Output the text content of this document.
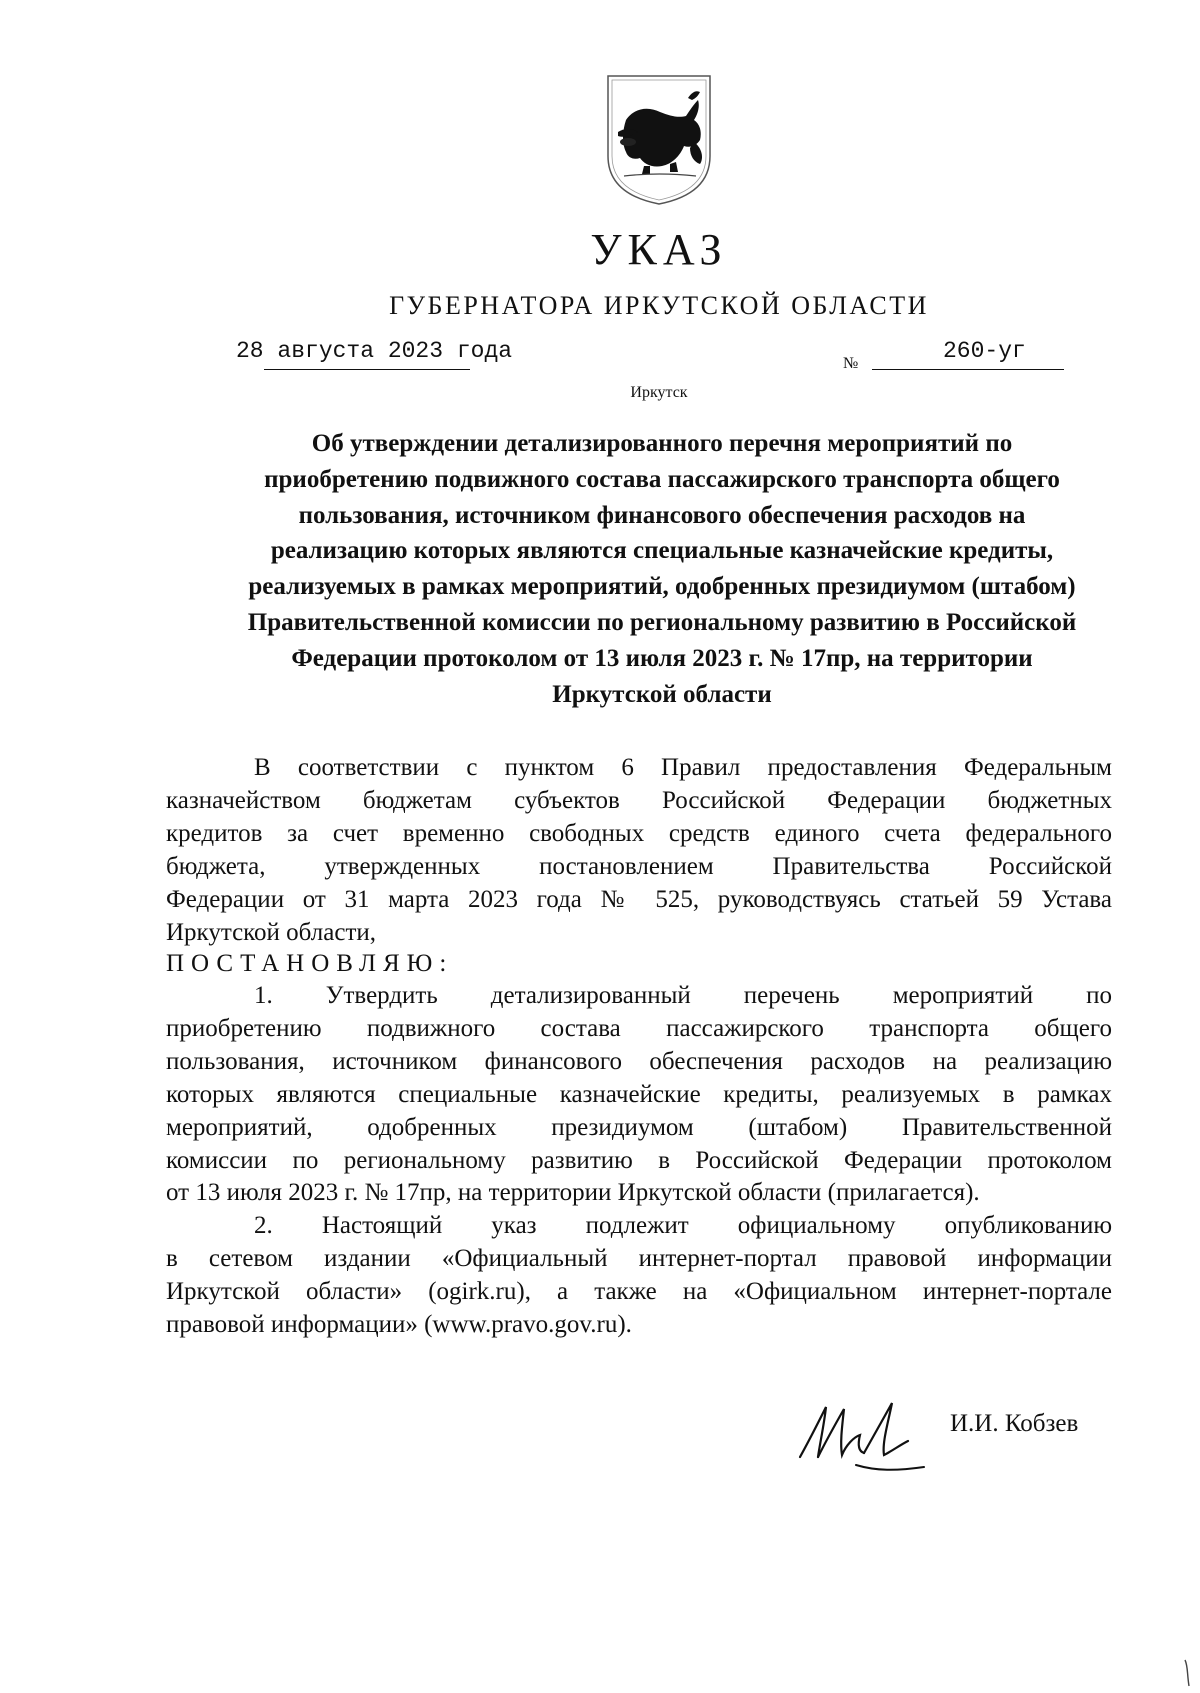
УКАЗ
ГУБЕРНАТОРА ИРКУТСКОЙ ОБЛАСТИ
28 августа 2023 года	№	260-уг
Иркутск
Об утверждении детализированного перечня мероприятий по
приобретению подвижного состава пассажирского транспорта общего
пользования, источником финансового обеспечения расходов на
реализацию которых являются специальные казначейские кредиты,
реализуемых в рамках мероприятий, одобренных президиумом (штабом)
Правительственной комиссии по региональному развитию в Российской
Федерации протоколом от 13 июля 2023 г. № 17пр, на территории
Иркутской области
В соответствии с пунктом 6 Правил предоставления Федеральным
казначейством бюджетам субъектов Российской Федерации бюджетных
кредитов за счет временно свободных средств единого счета федерального
бюджета, утвержденных постановлением Правительства Российской
Федерации от 31 марта 2023 года № 525, руководствуясь статьей 59 Устава
Иркутской области,
ПОСТАНОВЛЯЮ:
1. Утвердить детализированный перечень мероприятий по
приобретению подвижного состава пассажирского транспорта общего
пользования, источником финансового обеспечения расходов на реализацию
которых являются специальные казначейские кредиты, реализуемых в рамках
мероприятий, одобренных президиумом (штабом) Правительственной
комиссии по региональному развитию в Российской Федерации протоколом
от 13 июля 2023 г. № 17пр, на территории Иркутской области (прилагается).
2. Настоящий указ подлежит официальному опубликованию
в сетевом издании «Официальный интернет-портал правовой информации
Иркутской области» (ogirk.ru), а также на «Официальном интернет-портале
правовой информации» (www.pravo.gov.ru).
И.И. Кобзев
